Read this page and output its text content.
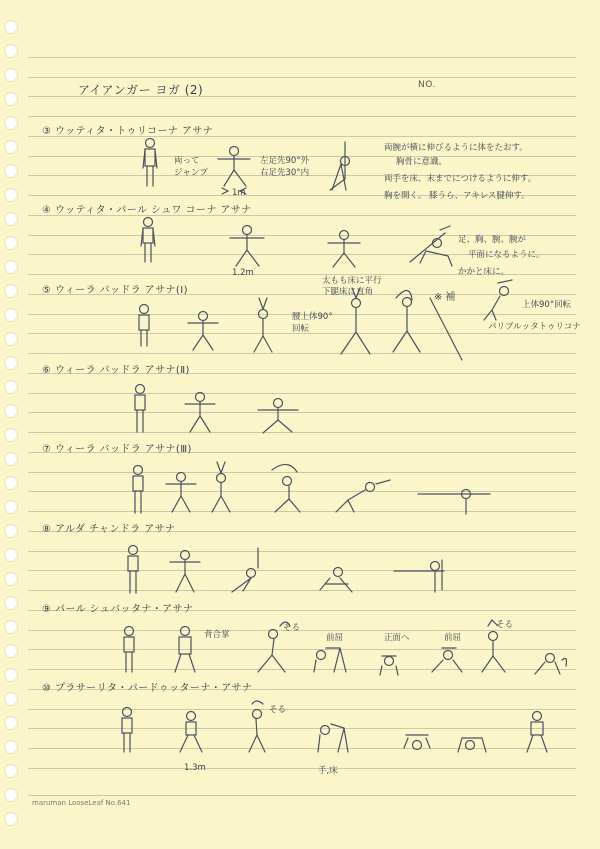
アイアンガー ヨガ (2)	NO.
③ ウッティタ・トゥリコーナ アサナ
④ ウッティタ・パール シュワ コーナ アサナ
⑤ ウィーラ バッドラ アサナ(Ⅰ)
⑥ ウィーラ バッドラ アサナ(Ⅱ)
⑦ ウィーラ バッドラ アサナ(Ⅲ)
⑧ アルダ チャンドラ アサナ
⑨ パール シュバッタナ・アサナ
⑩ プラサーリタ・パードゥッターナ・アサナ
両って
ジャンプ
左足先90°外
右足先30°内
1m
両腕が横に伸びるように体をたおす。
胸骨に意識。
両手を床、末までにつけるように伸す。
胸を開く。 膝うら、アキレス腱伸す。
1.2m
足、胸、腕、腕が
平面になるように。
かかと床に。
太もも床に平行
下腿床に直角
腰上体90°
回転
※ 補
上体90°回転
パリブルッタトゥリコナ
背合掌
そる
前屈	正面へ	前屈
そる
1.3m
そる
手,床
maruman LooseLeaf No.641
